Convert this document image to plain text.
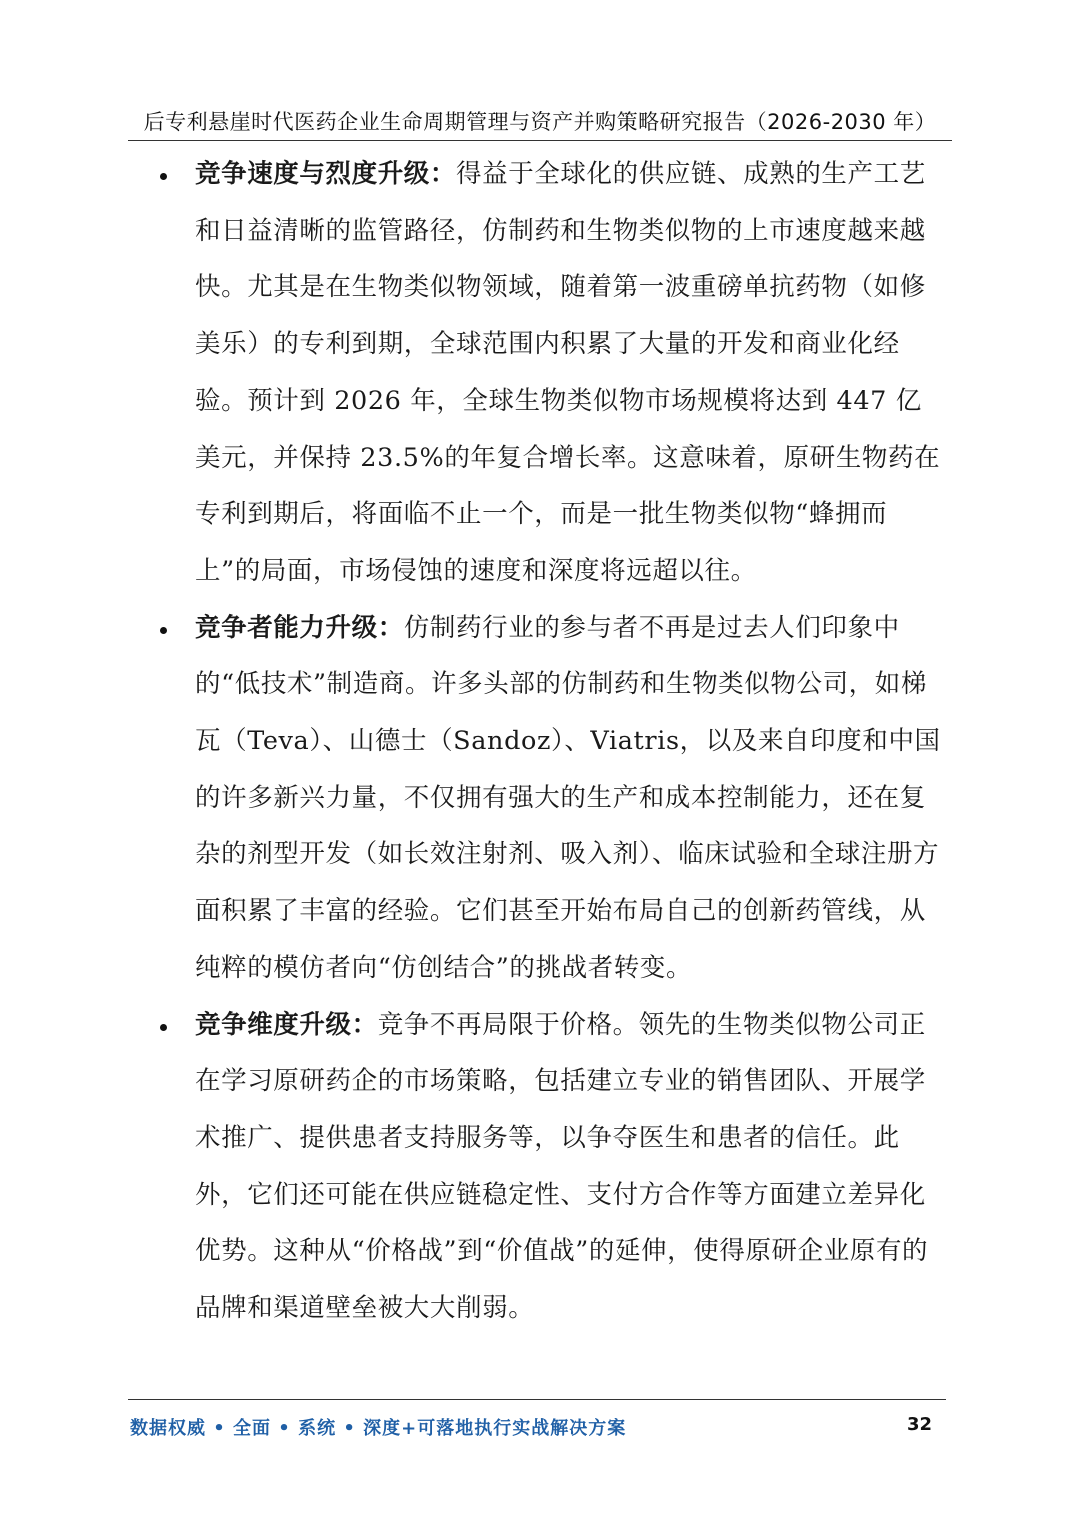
后专利悬崖时代医药企业生命周期管理与资产并购策略研究报告（2026-2030 年）
竞争速度与烈度升级：得益于全球化的供应链、成熟的生产工艺和日益清晰的监管路径，仿制药和生物类似物的上市速度越来越快。尤其是在生物类似物领域，随着第一波重磅单抗药物（如修美乐）的专利到期，全球范围内积累了大量的开发和商业化经验。预计到 2026 年，全球生物类似物市场规模将达到 447 亿美元，并保持 23.5%的年复合增长率。这意味着，原研生物药在专利到期后，将面临不止一个，而是一批生物类似物“蜂拥而上”的局面，市场侵蚀的速度和深度将远超以往。
竞争者能力升级：仿制药行业的参与者不再是过去人们印象中的“低技术”制造商。许多头部的仿制药和生物类似物公司，如梯瓦（Teva）、山德士（Sandoz）、Viatris，以及来自印度和中国的许多新兴力量，不仅拥有强大的生产和成本控制能力，还在复杂的剂型开发（如长效注射剂、吸入剂）、临床试验和全球注册方面积累了丰富的经验。它们甚至开始布局自己的创新药管线，从纯粹的模仿者向“仿创结合”的挑战者转变。
竞争维度升级：竞争不再局限于价格。领先的生物类似物公司正在学习原研药企的市场策略，包括建立专业的销售团队、开展学术推广、提供患者支持服务等，以争夺医生和患者的信任。此外，它们还可能在供应链稳定性、支付方合作等方面建立差异化优势。这种从“价格战”到“价值战”的延伸，使得原研企业原有的品牌和渠道壁垒被大大削弱。
数据权威 • 全面 • 系统 • 深度+可落地执行实战解决方案	32
